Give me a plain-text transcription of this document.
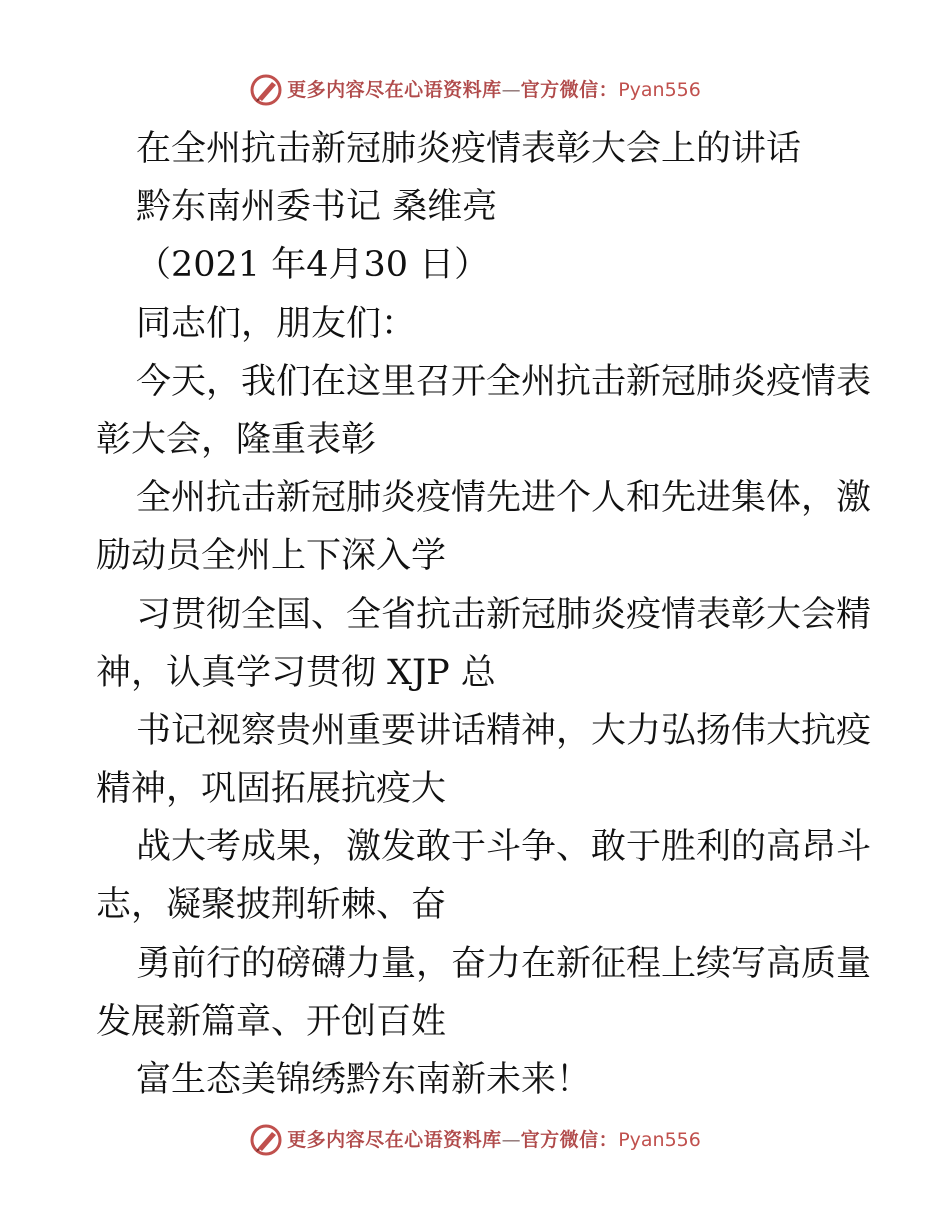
更多内容尽在心语资料库 — 官方微信： Pyan556
在全州抗击新冠肺炎疫情表彰大会上的讲话
黔东南州委书记 桑维亮
（2021 年4月30 日）
同志们，朋友们：
今天，我们在这里召开全州抗击新冠肺炎疫情表
彰大会，隆重表彰
全州抗击新冠肺炎疫情先进个人和先进集体，激
励动员全州上下深入学
习贯彻全国、全省抗击新冠肺炎疫情表彰大会精
神，认真学习贯彻 XJP 总
书记视察贵州重要讲话精神，大力弘扬伟大抗疫
精神，巩固拓展抗疫大
战大考成果，激发敢于斗争、敢于胜利的高昂斗
志，凝聚披荆斩棘、奋
勇前行的磅礴力量，奋力在新征程上续写高质量
发展新篇章、开创百姓
富生态美锦绣黔东南新未来！
更多内容尽在心语资料库 — 官方微信： Pyan556
